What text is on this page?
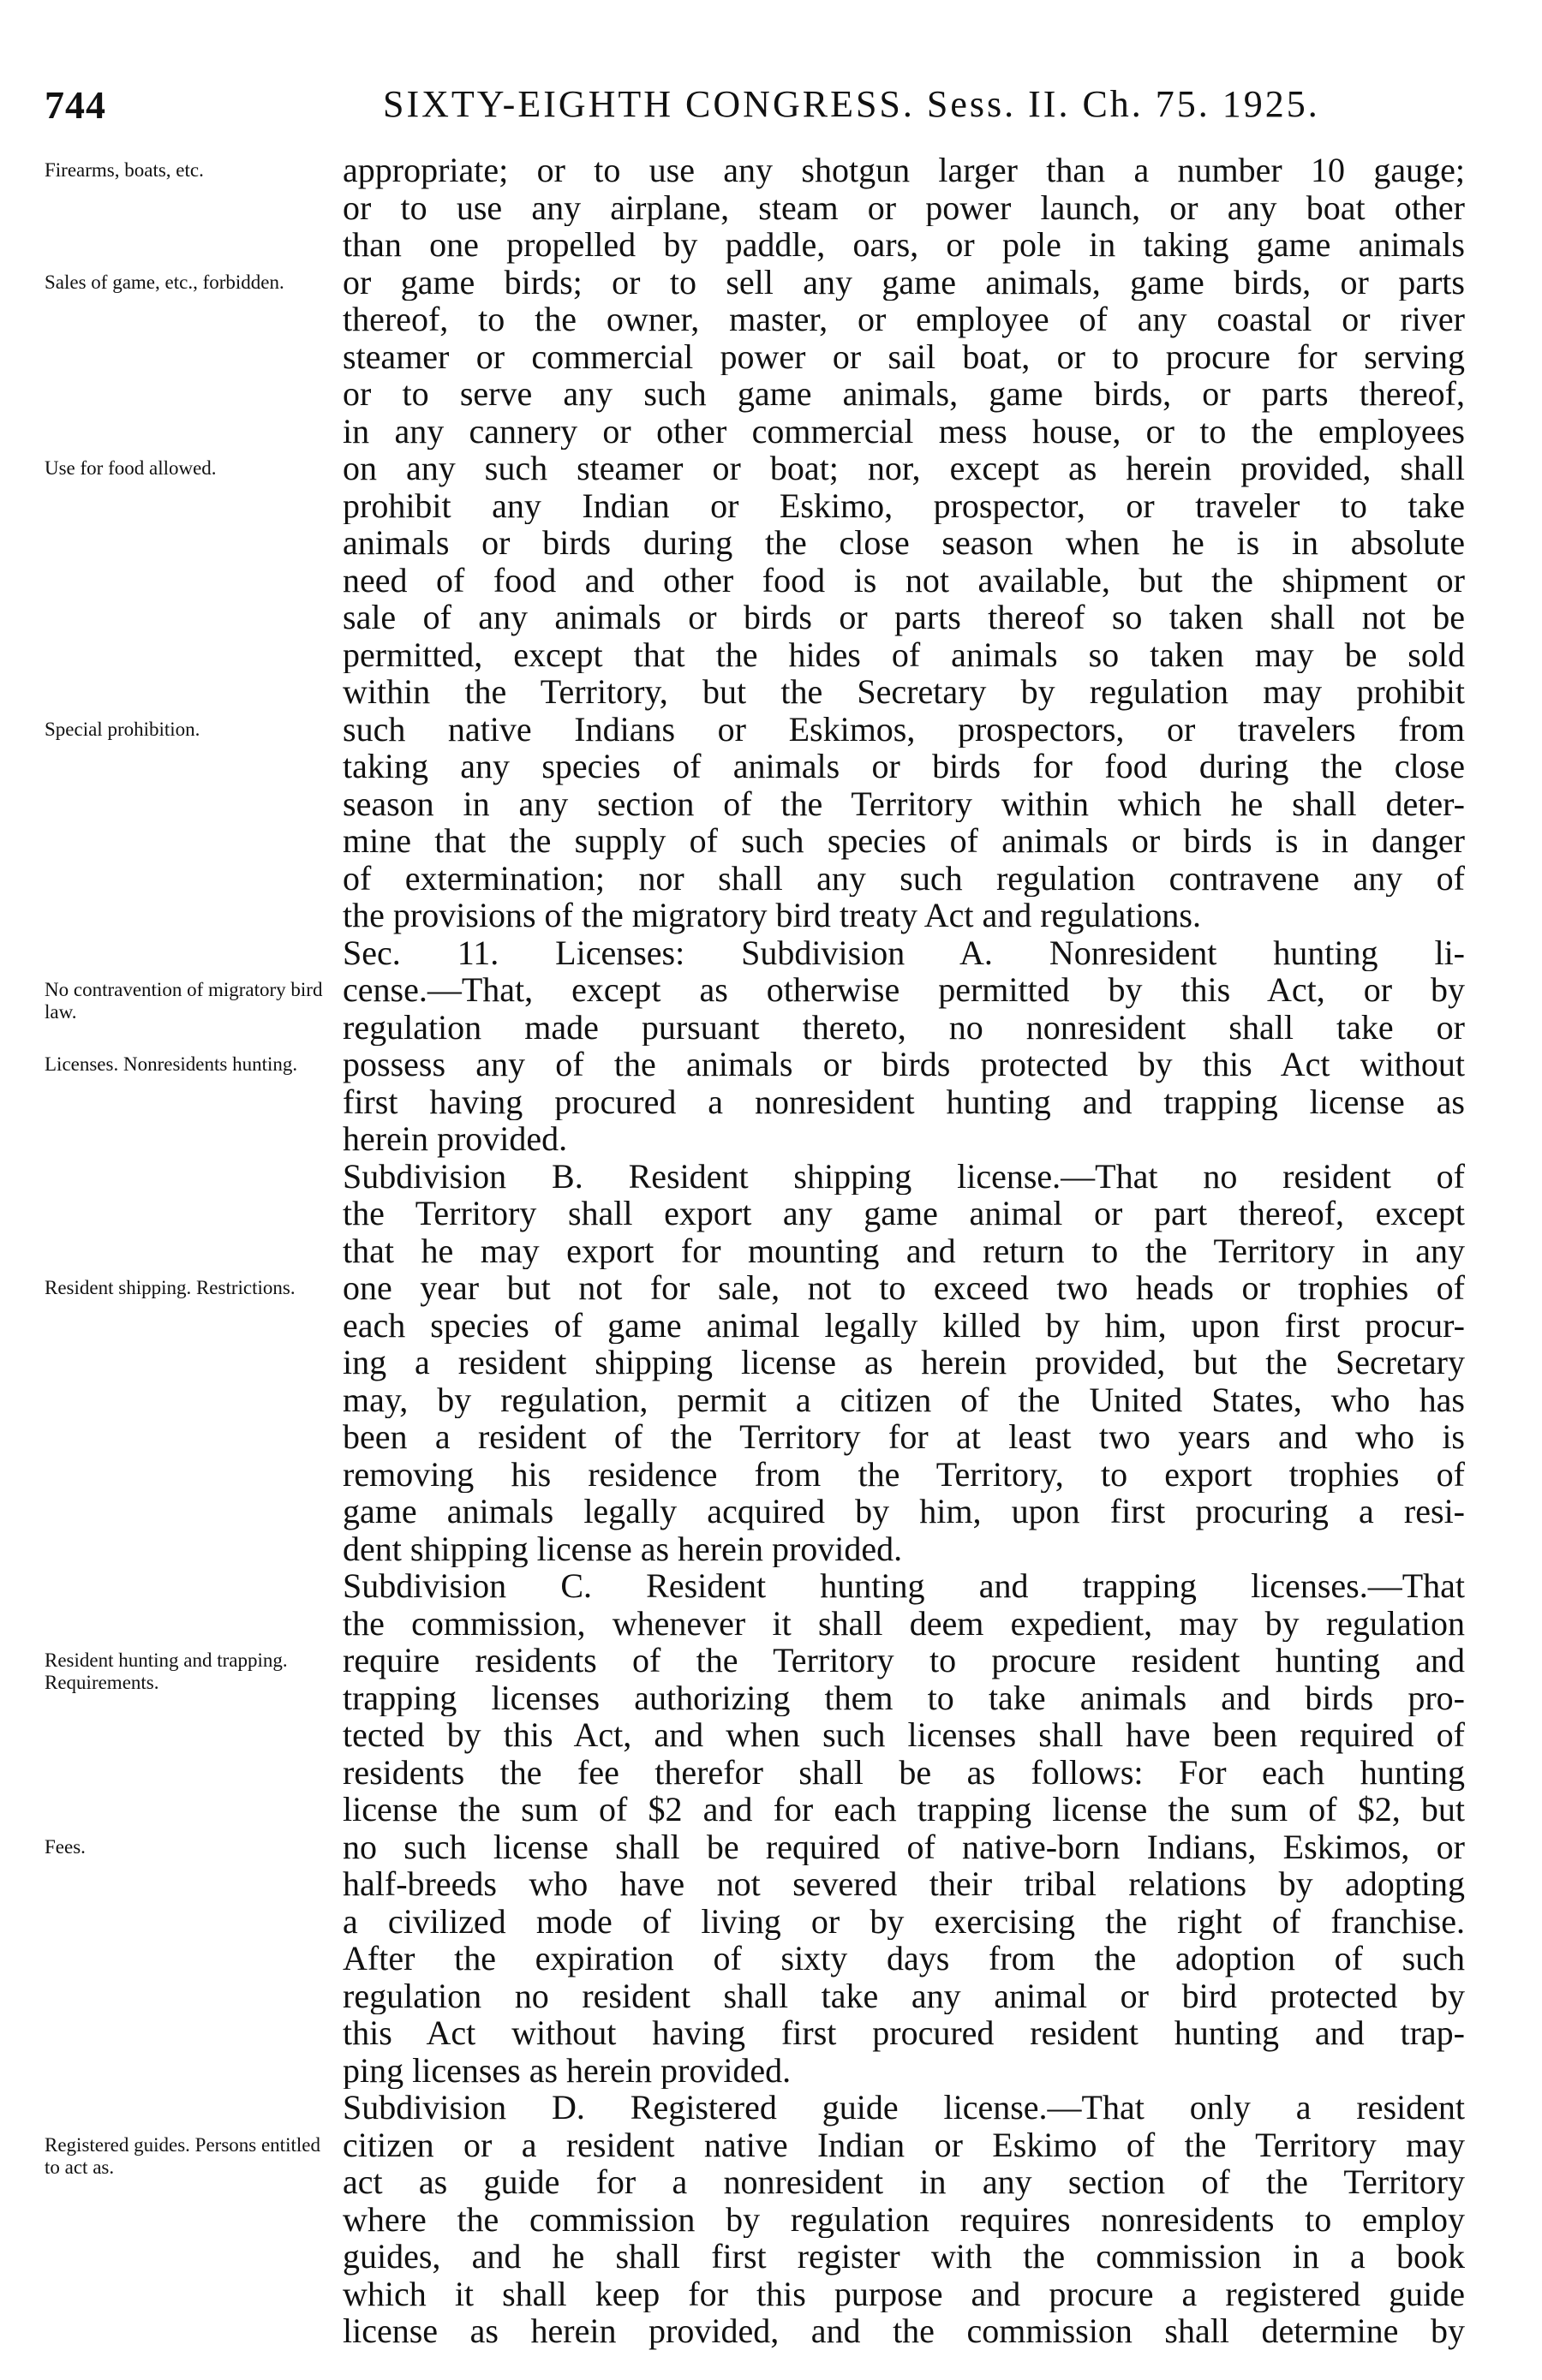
744	SIXTY-EIGHTH CONGRESS. Sess. II. Ch. 75. 1925.
Firearms, boats, etc.
Sales of game, etc., forbidden.
Use for food allowed.
Special prohibition.
No contravention of migratory bird law.
Licenses. Nonresidents hunting.
Resident shipping. Restrictions.
Resident hunting and trapping. Requirements.
Fees.
Registered guides. Persons entitled to act as.
appropriate; or to use any shotgun larger than a number 10 gauge;
or to use any airplane, steam or power launch, or any boat other
than one propelled by paddle, oars, or pole in taking game animals
or game birds; or to sell any game animals, game birds, or parts
thereof, to the owner, master, or employee of any coastal or river
steamer or commercial power or sail boat, or to procure for serving
or to serve any such game animals, game birds, or parts thereof,
in any cannery or other commercial mess house, or to the employees
on any such steamer or boat; nor, except as herein provided, shall
prohibit any Indian or Eskimo, prospector, or traveler to take
animals or birds during the close season when he is in absolute
need of food and other food is not available, but the shipment or
sale of any animals or birds or parts thereof so taken shall not be
permitted, except that the hides of animals so taken may be sold
within the Territory, but the Secretary by regulation may prohibit
such native Indians or Eskimos, prospectors, or travelers from
taking any species of animals or birds for food during the close
season in any section of the Territory within which he shall deter-
mine that the supply of such species of animals or birds is in danger
of extermination; nor shall any such regulation contravene any of
the provisions of the migratory bird treaty Act and regulations.
Sec. 11. Licenses: Subdivision A. Nonresident hunting li-
cense.—That, except as otherwise permitted by this Act, or by
regulation made pursuant thereto, no nonresident shall take or
possess any of the animals or birds protected by this Act without
first having procured a nonresident hunting and trapping license as
herein provided.
Subdivision B. Resident shipping license.—That no resident of
the Territory shall export any game animal or part thereof, except
that he may export for mounting and return to the Territory in any
one year but not for sale, not to exceed two heads or trophies of
each species of game animal legally killed by him, upon first procur-
ing a resident shipping license as herein provided, but the Secretary
may, by regulation, permit a citizen of the United States, who has
been a resident of the Territory for at least two years and who is
removing his residence from the Territory, to export trophies of
game animals legally acquired by him, upon first procuring a resi-
dent shipping license as herein provided.
Subdivision C. Resident hunting and trapping licenses.—That
the commission, whenever it shall deem expedient, may by regulation
require residents of the Territory to procure resident hunting and
trapping licenses authorizing them to take animals and birds pro-
tected by this Act, and when such licenses shall have been required of
residents the fee therefor shall be as follows: For each hunting
license the sum of $2 and for each trapping license the sum of $2, but
no such license shall be required of native-born Indians, Eskimos, or
half-breeds who have not severed their tribal relations by adopting
a civilized mode of living or by exercising the right of franchise.
After the expiration of sixty days from the adoption of such
regulation no resident shall take any animal or bird protected by
this Act without having first procured resident hunting and trap-
ping licenses as herein provided.
Subdivision D. Registered guide license.—That only a resident
citizen or a resident native Indian or Eskimo of the Territory may
act as guide for a nonresident in any section of the Territory
where the commission by regulation requires nonresidents to employ
guides, and he shall first register with the commission in a book
which it shall keep for this purpose and procure a registered guide
license as herein provided, and the commission shall determine by
